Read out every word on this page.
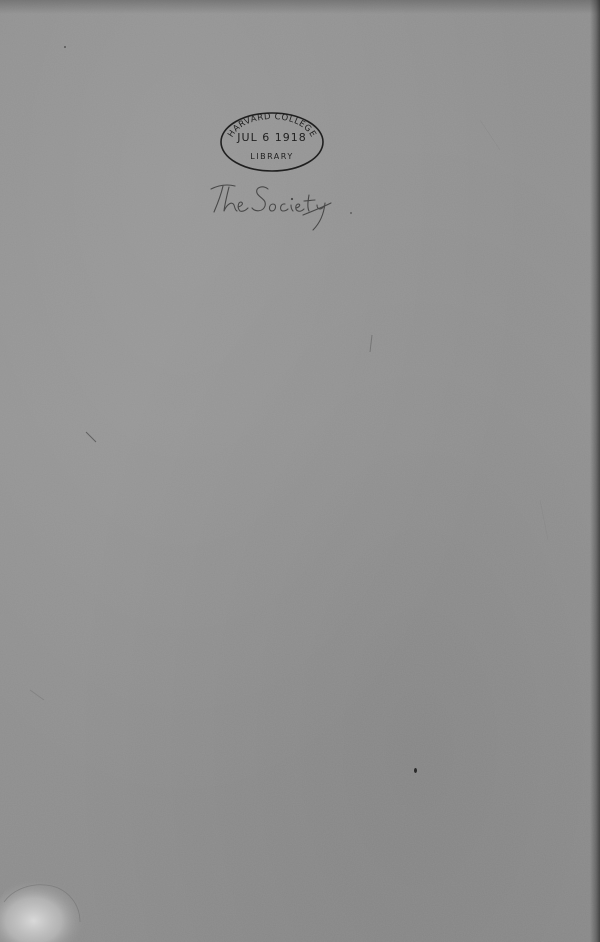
HARVARD COLLEGE
JUL 6 1918
LIBRARY
